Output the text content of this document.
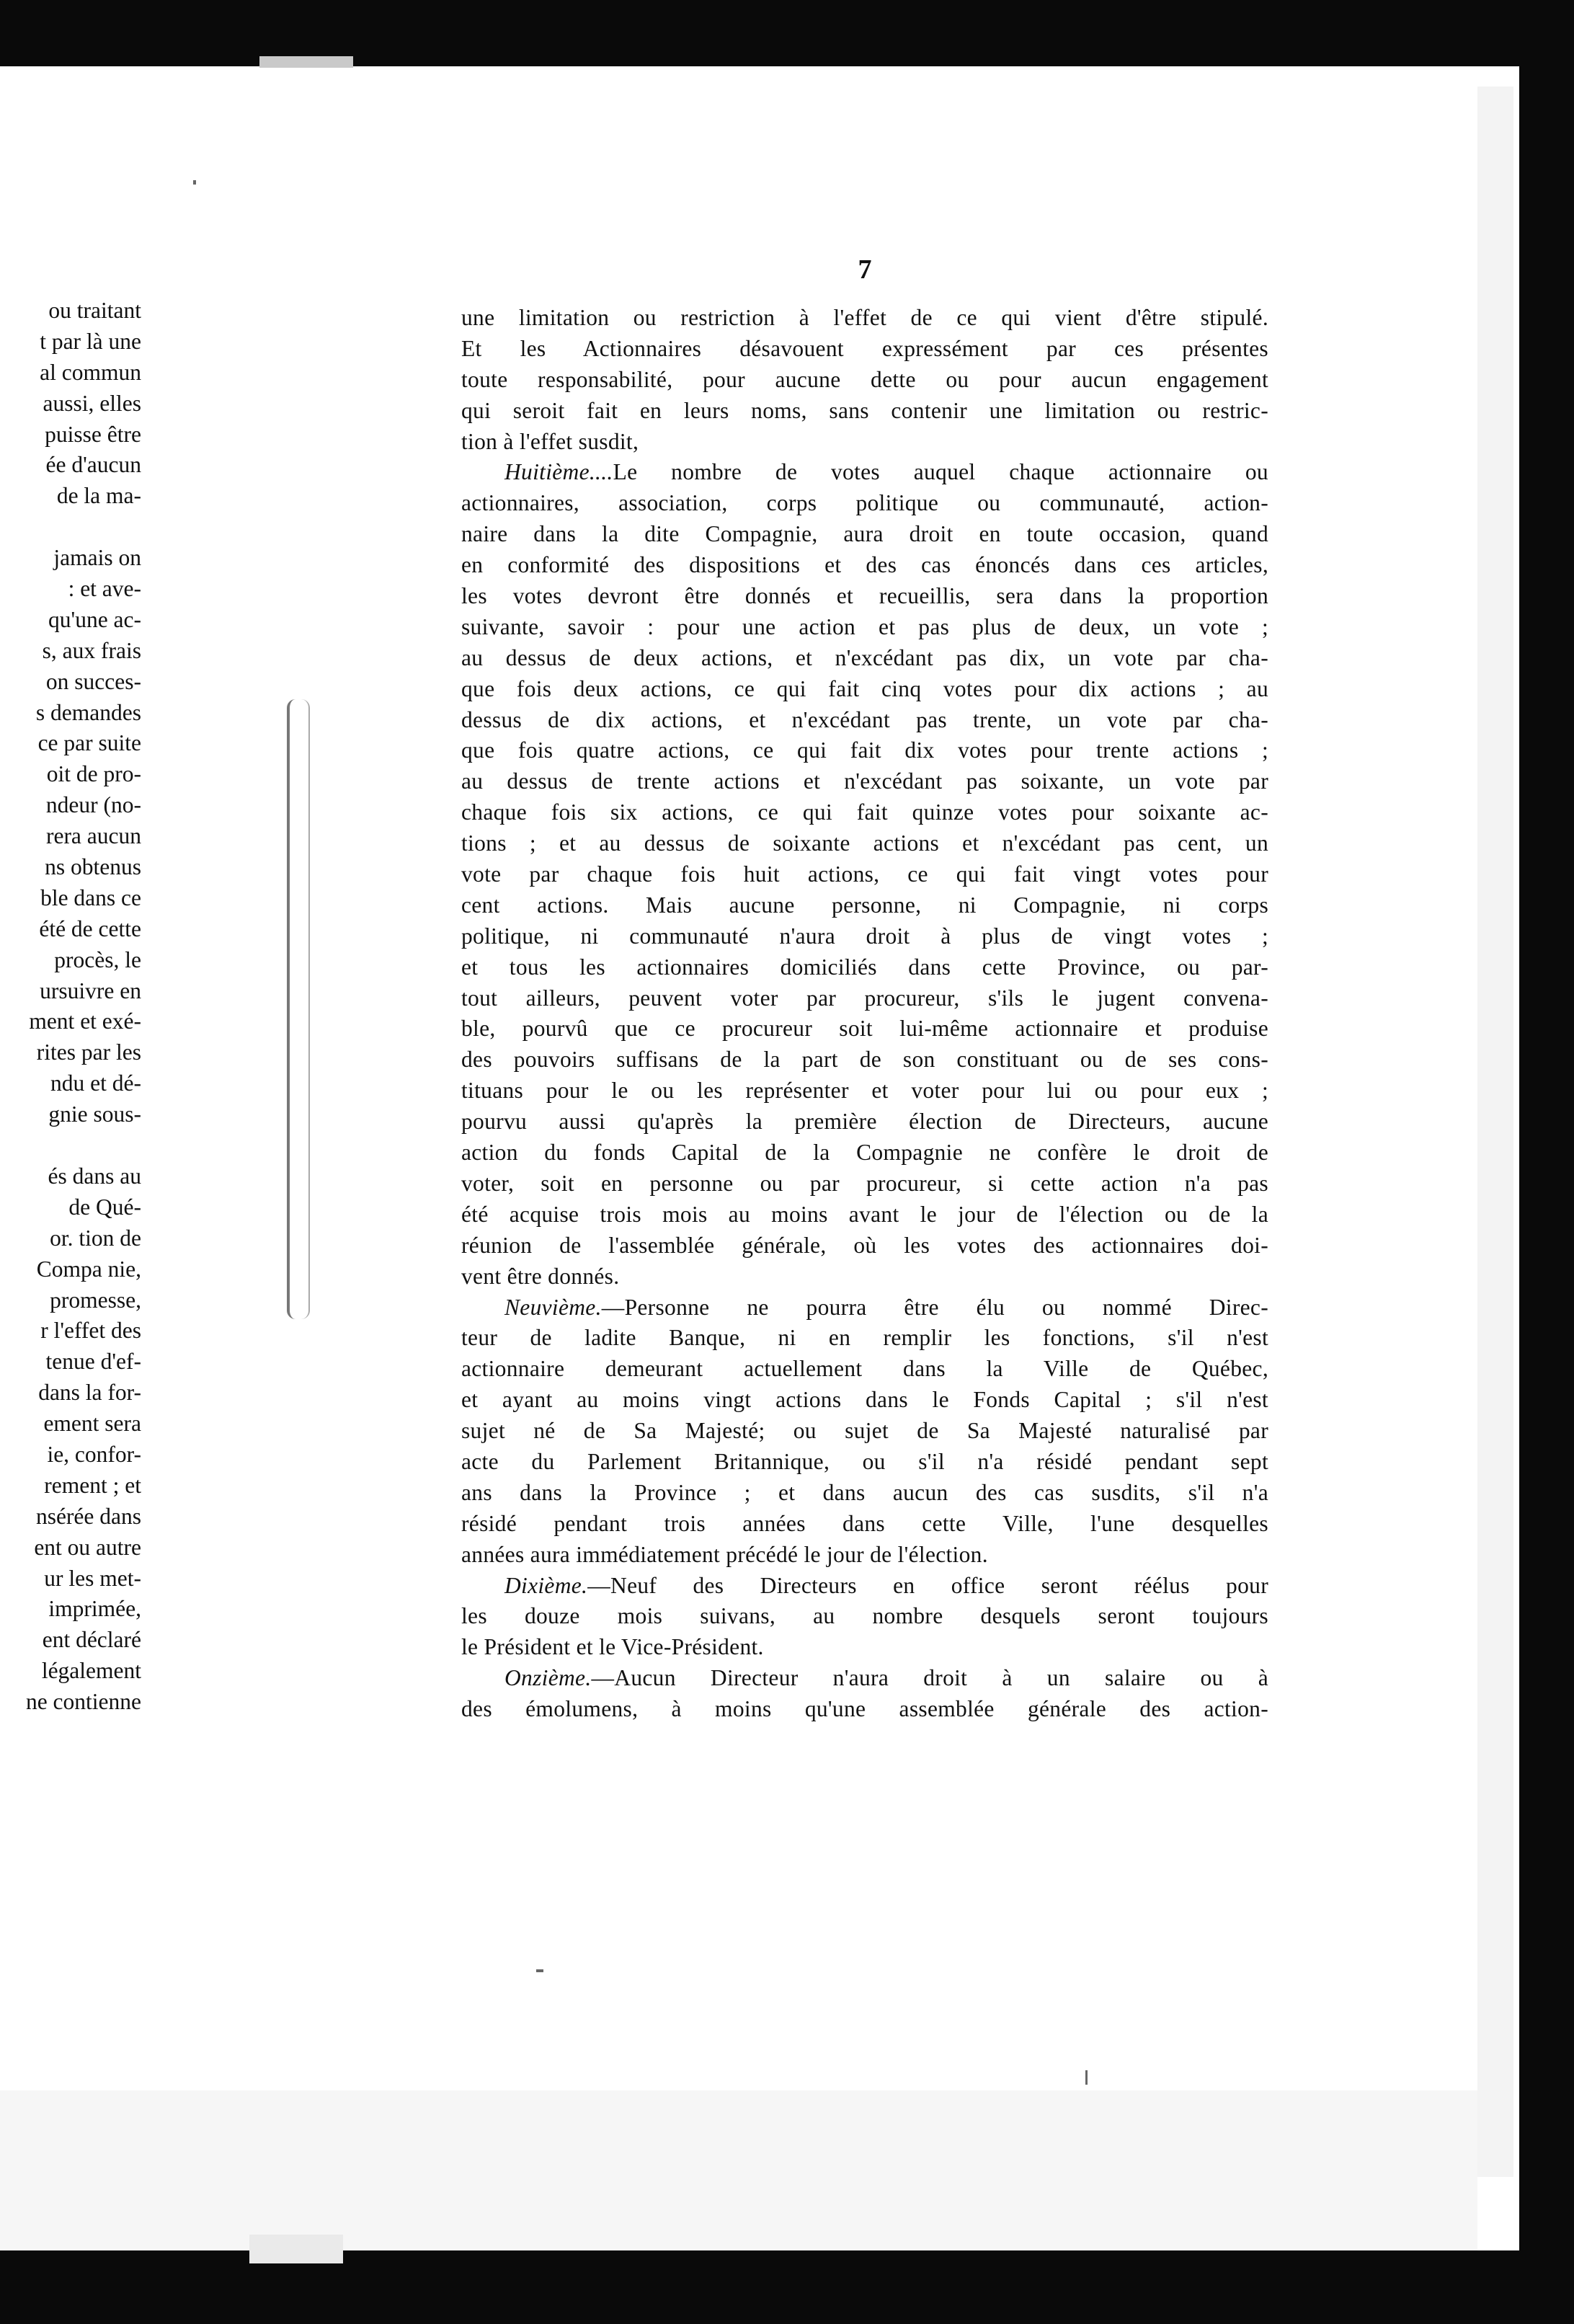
ou traitant
t par là une
al commun
aussi, elles
puisse être
ée d'aucun
de la ma-
jamais on
: et ave-
qu'une ac-
s, aux frais
on succes-
s demandes
ce par suite
oit de pro-
ndeur (no-
rera aucun
ns obtenus
ble dans ce
été de cette
procès, le
ursuivre en
ment et exé-
rites par les
ndu et dé-
gnie sous-
és dans au
de Qué-
or. tion de
Compa nie,
promesse,
r l'effet des
tenue d'ef-
dans la for-
ement sera
ie, confor-
rement ; et
nsérée dans
ent ou autre
ur les met-
imprimée,
ent déclaré
légalement
ne contienne
7
une limitation ou restriction à l'effet de ce qui vient d'être stipulé.
Et les Actionnaires désavouent expressément par ces présentes
toute responsabilité, pour aucune dette ou pour aucun engagement
qui seroit fait en leurs noms, sans contenir une limitation ou restric-
tion à l'effet susdit,
Huitième....Le nombre de votes auquel chaque actionnaire ou
actionnaires, association, corps politique ou communauté, action-
naire dans la dite Compagnie, aura droit en toute occasion, quand
en conformité des dispositions et des cas énoncés dans ces articles,
les votes devront être donnés et recueillis, sera dans la proportion
suivante, savoir : pour une action et pas plus de deux, un vote ;
au dessus de deux actions, et n'excédant pas dix, un vote par cha-
que fois deux actions, ce qui fait cinq votes pour dix actions ; au
dessus de dix actions, et n'excédant pas trente, un vote par cha-
que fois quatre actions, ce qui fait dix votes pour trente actions ;
au dessus de trente actions et n'excédant pas soixante, un vote par
chaque fois six actions, ce qui fait quinze votes pour soixante ac-
tions ; et au dessus de soixante actions et n'excédant pas cent, un
vote par chaque fois huit actions, ce qui fait vingt votes pour
cent actions. Mais aucune personne, ni Compagnie, ni corps
politique, ni communauté n'aura droit à plus de vingt votes ;
et tous les actionnaires domiciliés dans cette Province, ou par-
tout ailleurs, peuvent voter par procureur, s'ils le jugent convena-
ble, pourvû que ce procureur soit lui-même actionnaire et produise
des pouvoirs suffisans de la part de son constituant ou de ses cons-
tituans pour le ou les représenter et voter pour lui ou pour eux ;
pourvu aussi qu'après la première élection de Directeurs, aucune
action du fonds Capital de la Compagnie ne confère le droit de
voter, soit en personne ou par procureur, si cette action n'a pas
été acquise trois mois au moins avant le jour de l'élection ou de la
réunion de l'assemblée générale, où les votes des actionnaires doi-
vent être donnés.
Neuvième.—Personne ne pourra être élu ou nommé Direc-
teur de ladite Banque, ni en remplir les fonctions, s'il n'est
actionnaire demeurant actuellement dans la Ville de Québec,
et ayant au moins vingt actions dans le Fonds Capital ; s'il n'est
sujet né de Sa Majesté; ou sujet de Sa Majesté naturalisé par
acte du Parlement Britannique, ou s'il n'a résidé pendant sept
ans dans la Province ; et dans aucun des cas susdits, s'il n'a
résidé pendant trois années dans cette Ville, l'une desquelles
années aura immédiatement précédé le jour de l'élection.
Dixième.—Neuf des Directeurs en office seront réélus pour
les douze mois suivans, au nombre desquels seront toujours
le Président et le Vice-Président.
Onzième.—Aucun Directeur n'aura droit à un salaire ou à
des émolumens, à moins qu'une assemblée générale des action-
